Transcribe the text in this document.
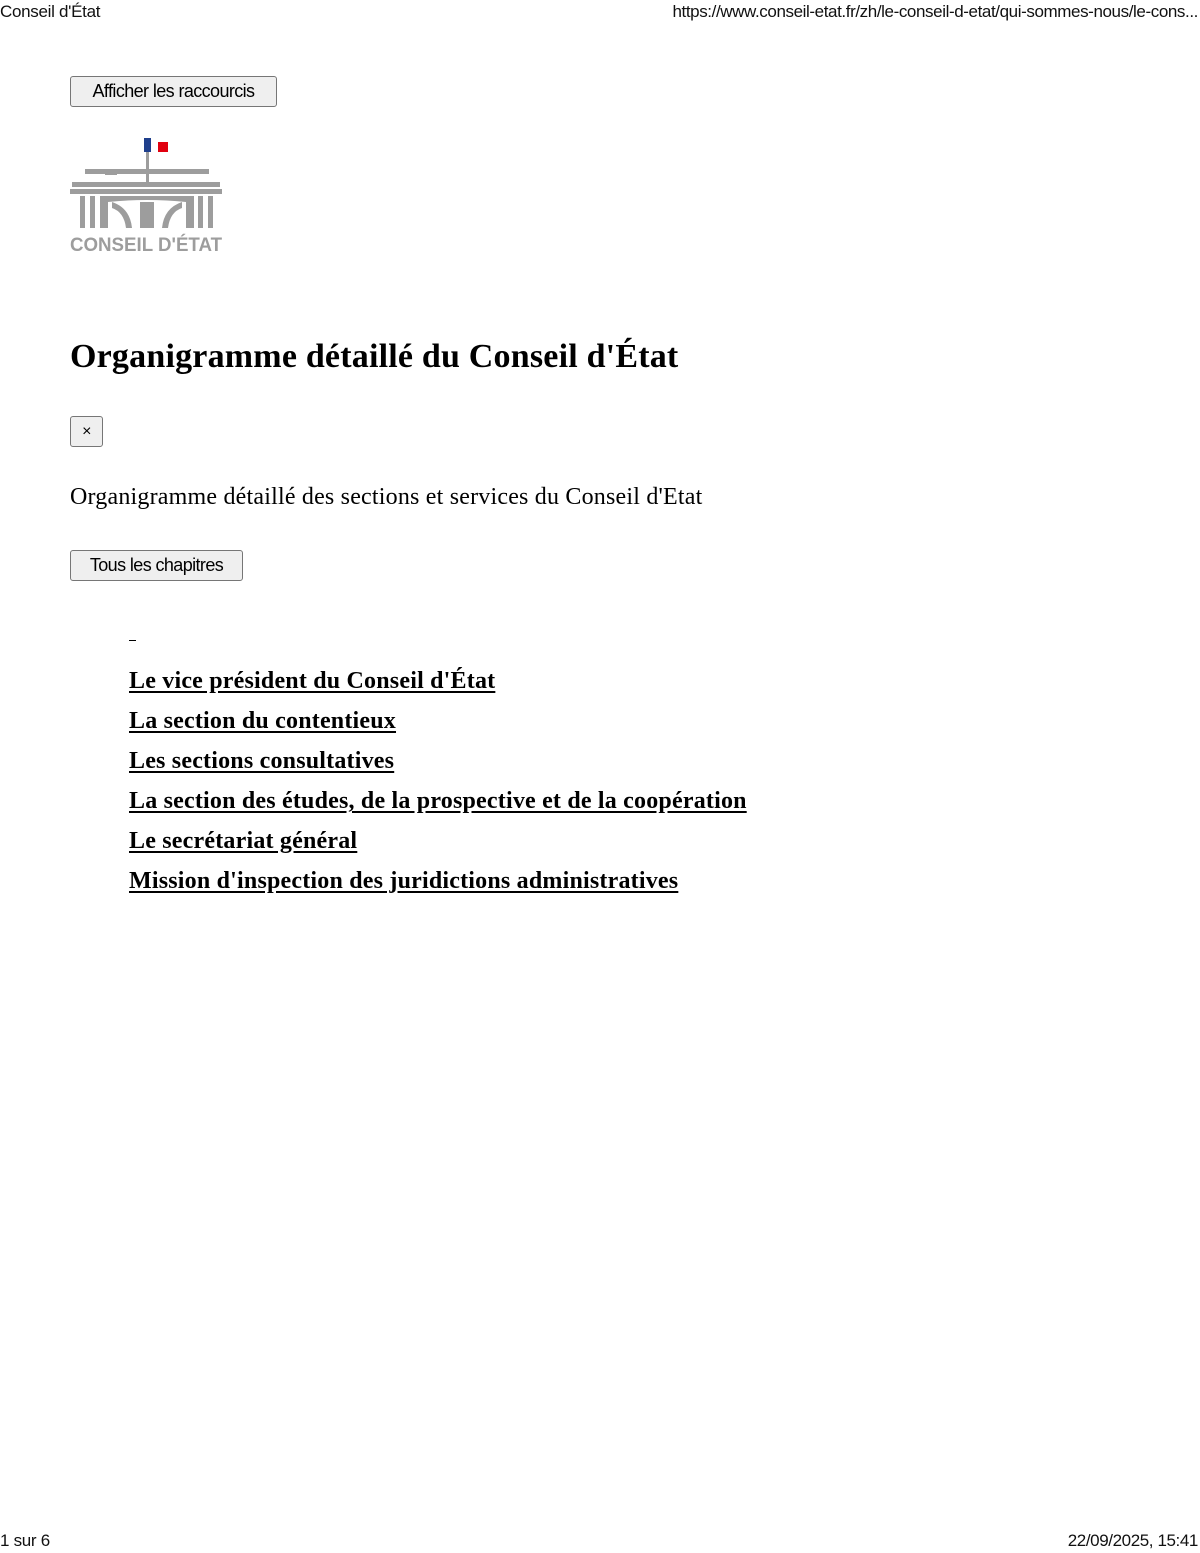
Conseil d'État	https://www.conseil-etat.fr/zh/le-conseil-d-etat/qui-sommes-nous/le-cons...
Afficher les raccourcis
CONSEIL D'ÉTAT
Organigramme détaillé du Conseil d'État
×

Organigramme détaillé des sections et services du Conseil d'Etat

Tous les chapitres
Le vice président du Conseil d'État
La section du contentieux
Les sections consultatives
La section des études, de la prospective et de la coopération
Le secrétariat général
Mission d'inspection des juridictions administratives
1 sur 6	22/09/2025, 15:41
